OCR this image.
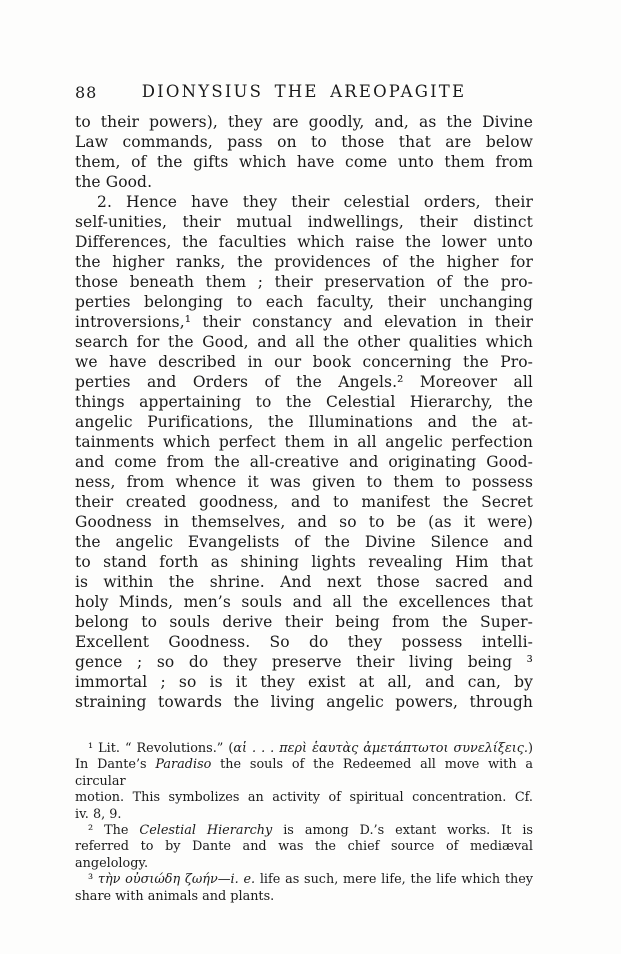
88	DIONYSIUS THE AREOPAGITE
to their powers), they are goodly, and, as the Divine
Law commands, pass on to those that are below
them, of the gifts which have come unto them from
the Good.
2. Hence have they their celestial orders, their
self-unities, their mutual indwellings, their distinct
Differences, the faculties which raise the lower unto
the higher ranks, the providences of the higher for
those beneath them ; their preservation of the pro-
perties belonging to each faculty, their unchanging
introversions,¹ their constancy and elevation in their
search for the Good, and all the other qualities which
we have described in our book concerning the Pro-
perties and Orders of the Angels.² Moreover all
things appertaining to the Celestial Hierarchy, the
angelic Purifications, the Illuminations and the at-
tainments which perfect them in all angelic perfection
and come from the all-creative and originating Good-
ness, from whence it was given to them to possess
their created goodness, and to manifest the Secret
Goodness in themselves, and so to be (as it were)
the angelic Evangelists of the Divine Silence and
to stand forth as shining lights revealing Him that
is within the shrine. And next those sacred and
holy Minds, men’s souls and all the excellences that
belong to souls derive their being from the Super-
Excellent Goodness. So do they possess intelli-
gence ; so do they preserve their living being ³
immortal ; so is it they exist at all, and can, by
straining towards the living angelic powers, through
¹ Lit. “ Revolutions.” (αἱ . . . περὶ ἑαυτὰς ἀμετάπτωτοι συνελίξεις.)
In Dante’s Paradiso the souls of the Redeemed all move with a circular
motion. This symbolizes an activity of spiritual concentration. Cf.
iv. 8, 9.
² The Celestial Hierarchy is among D.’s extant works. It is
referred to by Dante and was the chief source of mediæval angelology.
³ τὴν οὐσιώδη ζωήν—i. e. life as such, mere life, the life which they
share with animals and plants.
